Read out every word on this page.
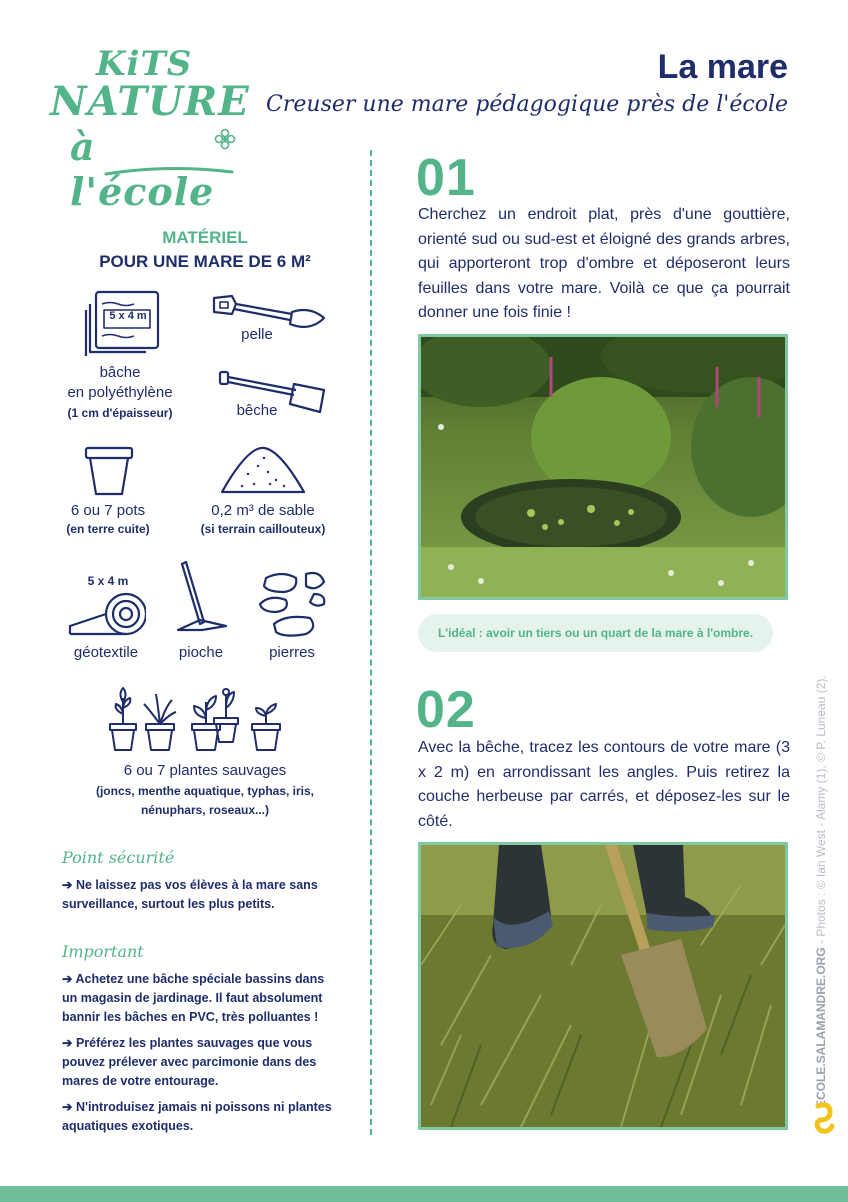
KiTS
NATURE
à l'école
La mare
Creuser une mare pédagogique près de l'école
MATÉRIEL
POUR UNE MARE DE 6 M²
5 x 4 m
bâche
en polyéthylène
(1 cm d'épaisseur)
pelle
bêche
6 ou 7 pots
(en terre cuite)
0,2 m³ de sable
(si terrain caillouteux)
5 x 4 m
géotextile	pioche	pierres
6 ou 7 plantes sauvages
(joncs, menthe aquatique, typhas, iris,
nénuphars, roseaux...)
Point sécurité
➔ Ne laissez pas vos élèves à la mare sans surveillance, surtout les plus petits.
Important
➔ Achetez une bâche spéciale bassins dans un magasin de jardinage. Il faut absolument bannir les bâches en PVC, très polluantes !
➔ Préférez les plantes sauvages que vous pouvez prélever avec parcimonie dans des mares de votre entourage.
➔ N'introduisez jamais ni poissons ni plantes aquatiques exotiques.
01
Cherchez un endroit plat, près d'une gouttière, orienté sud ou sud-est et éloigné des grands arbres, qui apporteront trop d'ombre et déposeront leurs feuilles dans votre mare. Voilà ce que ça pourrait donner une fois finie !
L'idéal : avoir un tiers ou un quart de la mare à l'ombre.
02
Avec la bêche, tracez les contours de votre mare (3 x 2 m) en arrondissant les angles. Puis retirez la couche herbeuse par carrés, et déposez-les sur le côté.
ECOLE.SALAMANDRE.ORG - Photos : © Ian West - Alamy (1), © P. Luneau (2).
